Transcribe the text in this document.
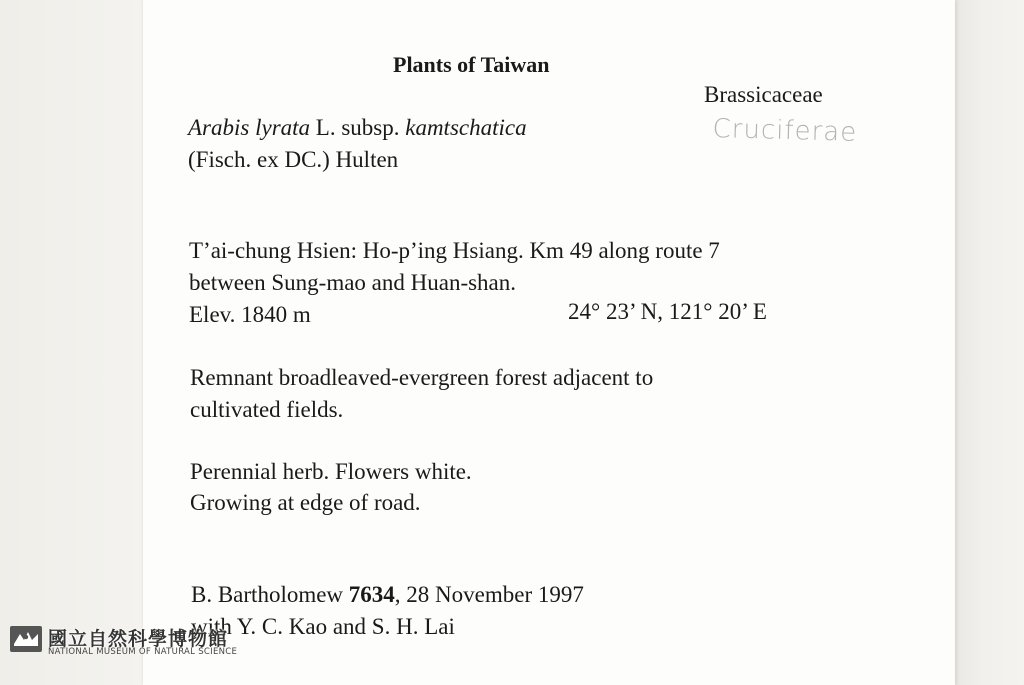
Plants of Taiwan
Brassicaceae
Cruciferae
Arabis lyrata L. subsp. kamtschatica
(Fisch. ex DC.) Hulten
T’ai-chung Hsien: Ho-p’ing Hsiang. Km 49 along route 7
between Sung-mao and Huan-shan.
Elev. 1840 m	24° 23’ N, 121° 20’ E
Remnant broadleaved-evergreen forest adjacent to
cultivated fields.
Perennial herb. Flowers white.
Growing at edge of road.
B. Bartholomew 7634, 28 November 1997
with Y. C. Kao and S. H. Lai
國立自然科學博物館
NATIONAL MUSEUM OF NATURAL SCIENCE
